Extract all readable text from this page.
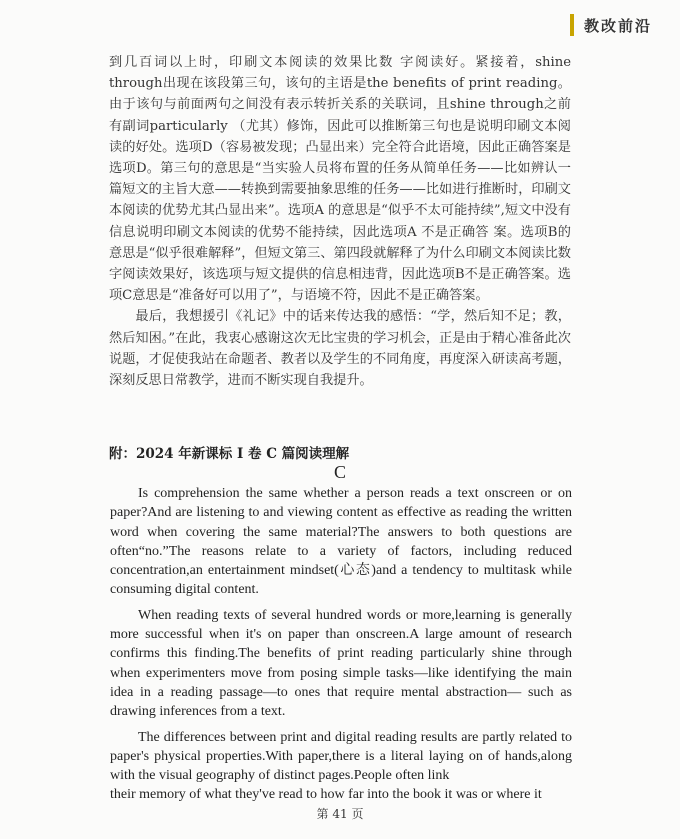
教改前沿

到几百词以上时，印刷文本阅读的效果比数 字阅读好。紧接着，shine through出现在该段第三句，该句的主语是the benefits of print reading。由于该句与前面两句之间没有表示转折关系的关联词，且shine through之前有副词particularly （尤其）修饰，因此可以推断第三句也是说明印刷文本阅读的好处。选项D（容易被发现；凸显出来）完全符合此语境，因此正确答案是选项D。第三句的意思是“当实验人员将布置的任务从简单任务——比如辨认一篇短文的主旨大意——转换到需要抽象思维的任务——比如进行推断时，印刷文本阅读的优势尤其凸显出来”。选项A 的意思是“似乎不太可能持续”,短文中没有信息说明印刷文本阅读的优势不能持续，因此选项A 不是正确答 案。选项B的意思是“似乎很难解释”，但短文第三、第四段就解释了为什么印刷文本阅读比数字阅读效果好，该选项与短文提供的信息相违背，因此选项B不是正确答案。选项C意思是“准备好可以用了”，与语境不符，因此不是正确答案。

最后，我想援引《礼记》中的话来传达我的感悟：“学，然后知不足；教，然后知困。”在此，我衷心感谢这次无比宝贵的学习机会，正是由于精心准备此次说题，才促使我站在命题者、教者以及学生的不同角度，再度深入研读高考题，深刻反思日常教学，进而不断实现自我提升。

附：2024 年新课标 I 卷 C 篇阅读理解
C

Is comprehension the same whether a person reads a text onscreen or on paper?And are listening to and viewing content as effective as reading the written word when covering the same material?The answers to both questions are often“no.”The reasons relate to a variety of factors, including reduced concentration,an entertainment mindset(心态)and a tendency to multitask while consuming digital content.

When reading texts of several hundred words or more,learning is generally more successful when it's on paper than onscreen.A large amount of research confirms this finding.The benefits of print reading particularly shine through when experimenters move from posing simple tasks—like identifying the main idea in a reading passage—to ones that require mental abstraction— such as drawing inferences from a text.

The differences between print and digital reading results are partly related to paper's physical properties.With paper,there is a literal laying on of hands,along with the visual geography of distinct pages.People often link

their memory of what they've read to how far into the book it was or where it

第 41 页
